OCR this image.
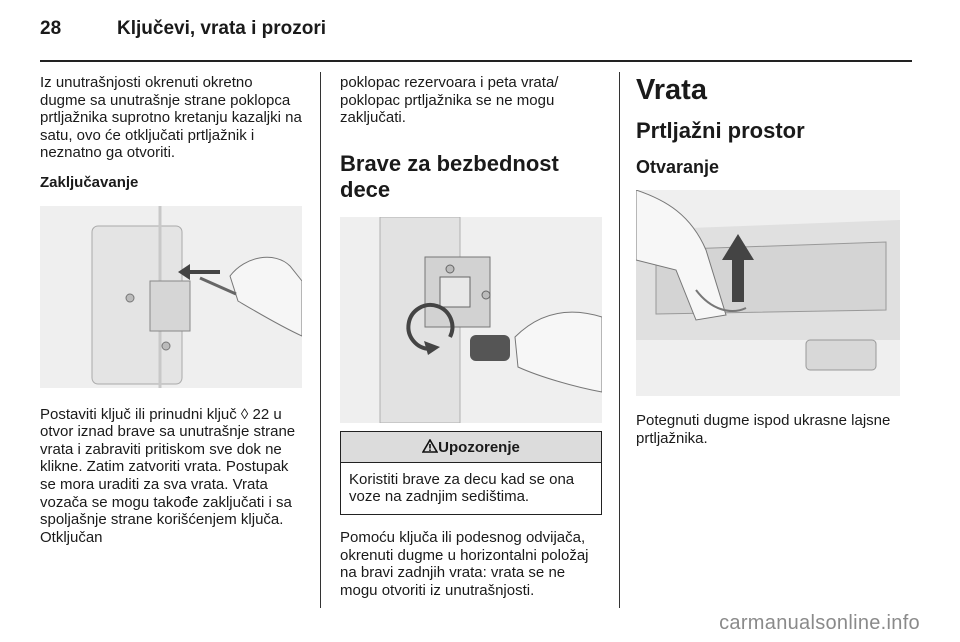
28	Ključevi, vrata i prozori

Iz unutrašnjosti okrenuti okretno dugme sa unutrašnje strane poklopca prtljažnika suprotno kretanju kazaljki na satu, ovo će otključati prtljažnik i neznatno ga otvoriti.

Zaključavanje

Postaviti ključ ili prinudni ključ ◊ 22 u otvor iznad brave sa unutrašnje strane vrata i zabraviti pritiskom sve dok ne klikne. Zatim zatvoriti vrata. Postupak se mora uraditi za sva vrata. Vrata vozača se mogu takođe zaključati i sa spoljašnje strane korišćenjem ključa. Otključan

poklopac rezervoara i peta vrata/ poklopac prtljažnika se ne mogu zaključati.

Brave za bezbednost dece

Upozorenje

Koristiti brave za decu kad se ona voze na zadnjim sedištima.

Pomoću ključa ili podesnog odvijača, okrenuti dugme u horizontalni položaj na bravi zadnjih vrata: vrata se ne mogu otvoriti iz unutrašnjosti.

Vrata

Prtljažni prostor

Otvaranje

Potegnuti dugme ispod ukrasne lajsne prtljažnika.

carmanualsonline.info
